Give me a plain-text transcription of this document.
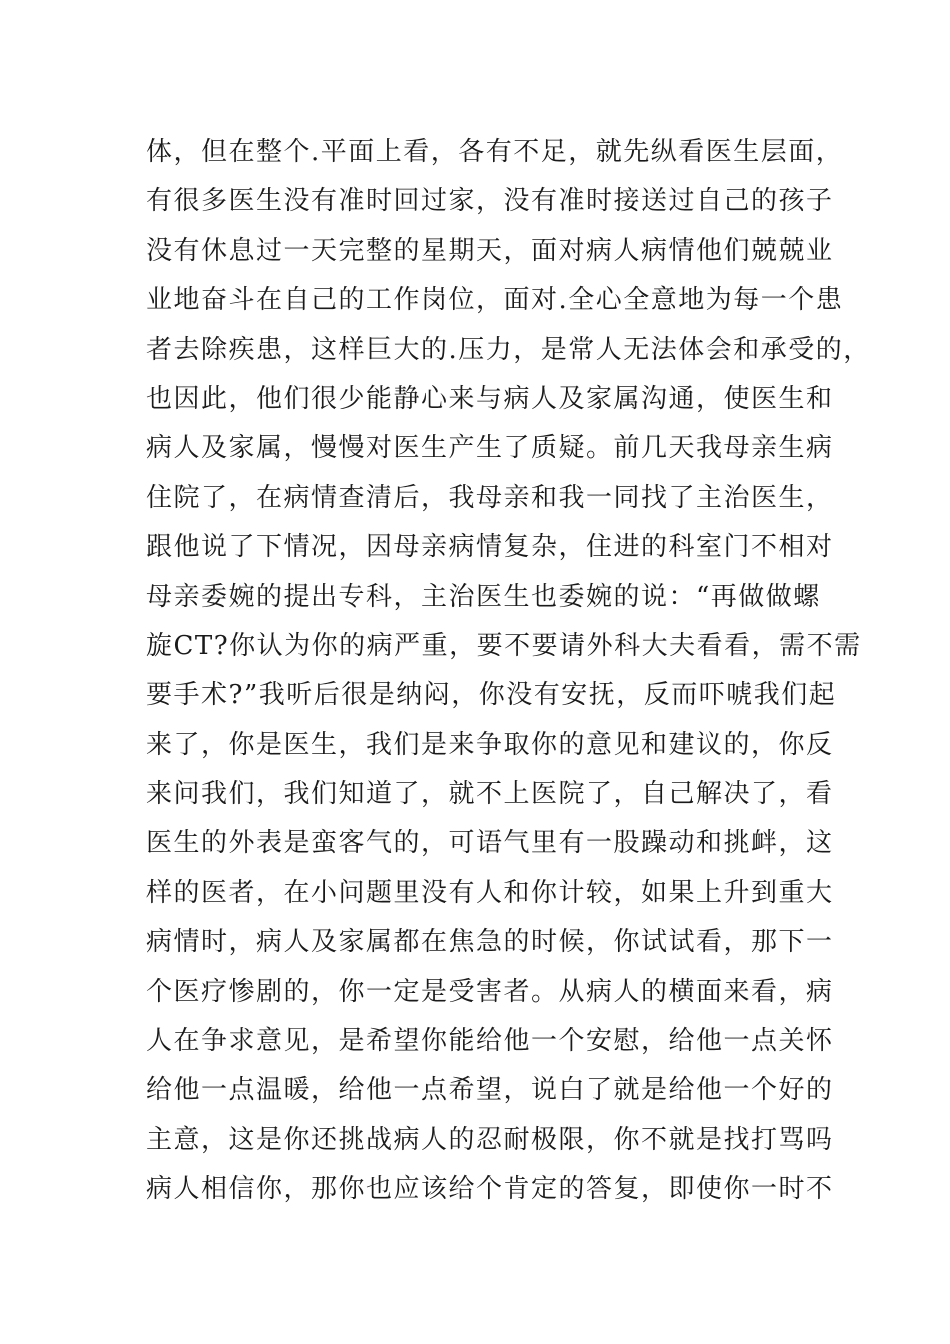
体，但在整个.平面上看，各有不足，就先纵看医生层面，
有很多医生没有准时回过家，没有准时接送过自己的孩子
没有休息过一天完整的星期天，面对病人病情他们兢兢业
业地奋斗在自己的工作岗位，面对.全心全意地为每一个患
者去除疾患，这样巨大的.压力，是常人无法体会和承受的，
也因此，他们很少能静心来与病人及家属沟通，使医生和
病人及家属，慢慢对医生产生了质疑。前几天我母亲生病
住院了，在病情查清后，我母亲和我一同找了主治医生，
跟他说了下情况，因母亲病情复杂，住进的科室门不相对
母亲委婉的提出专科，主治医生也委婉的说：“再做做螺
旋CT?你认为你的病严重，要不要请外科大夫看看，需不需
要手术?”我听后很是纳闷，你没有安抚，反而吓唬我们起
来了，你是医生，我们是来争取你的意见和建议的，你反
来问我们，我们知道了，就不上医院了，自己解决了，看
医生的外表是蛮客气的，可语气里有一股躁动和挑衅，这
样的医者，在小问题里没有人和你计较，如果上升到重大
病情时，病人及家属都在焦急的时候，你试试看，那下一
个医疗惨剧的，你一定是受害者。从病人的横面来看，病
人在争求意见，是希望你能给他一个安慰，给他一点关怀
给他一点温暖，给他一点希望，说白了就是给他一个好的
主意，这是你还挑战病人的忍耐极限，你不就是找打骂吗
病人相信你，那你也应该给个肯定的答复，即使你一时不
